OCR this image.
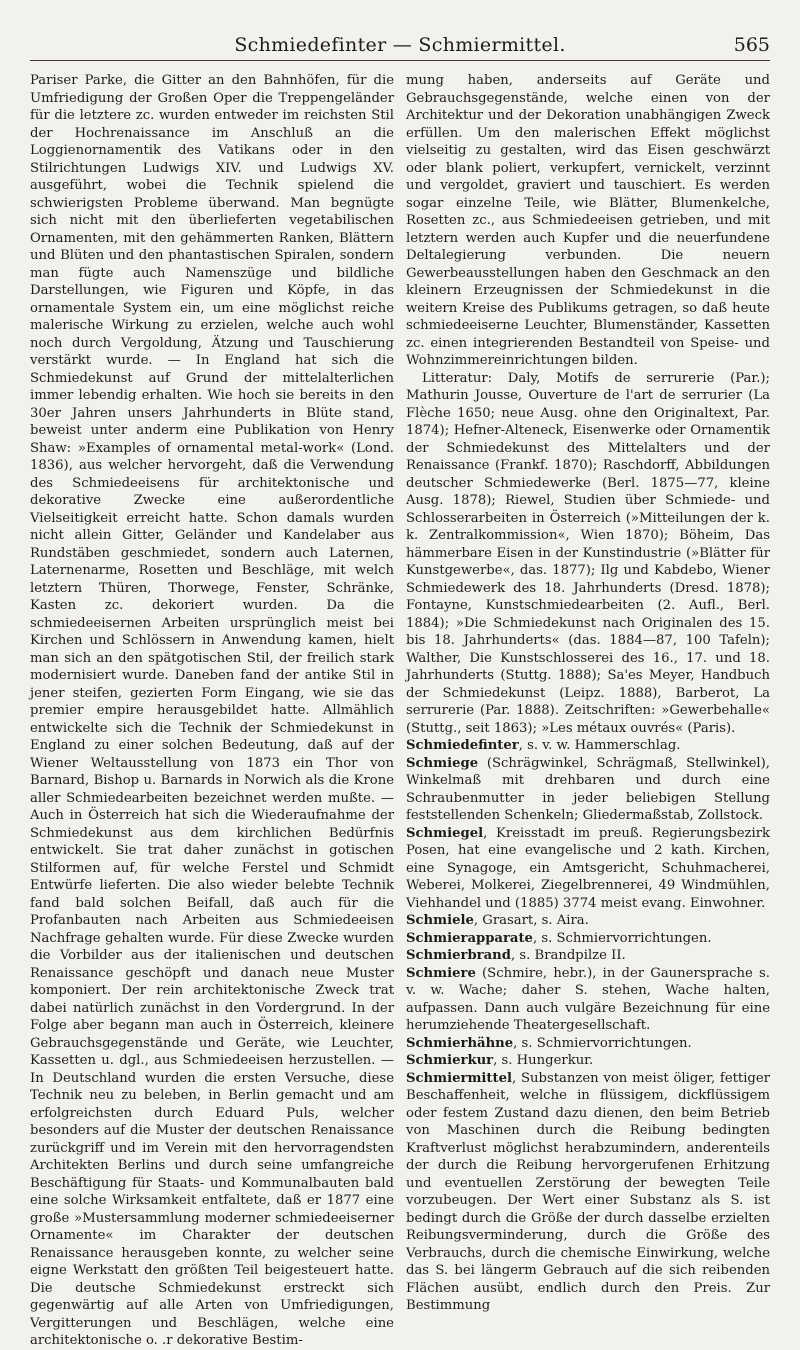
Schmiedefinter — Schmiermittel.	565

Pariser Parke, die Gitter an den Bahnhöfen, für die Umfriedigung der Großen Oper die Treppengeländer für die letztere zc. wurden entweder im reichsten Stil der Hochrenaissance im Anschluß an die Loggienornamentik des Vatikans oder in den Stilrichtungen Ludwigs XIV. und Ludwigs XV. ausgeführt, wobei die Technik spielend die schwierigsten Probleme überwand. Man begnügte sich nicht mit den überlieferten vegetabilischen Ornamenten, mit den gehämmerten Ranken, Blättern und Blüten und den phantastischen Spiralen, sondern man fügte auch Namenszüge und bildliche Darstellungen, wie Figuren und Köpfe, in das ornamentale System ein, um eine möglichst reiche malerische Wirkung zu erzielen, welche auch wohl noch durch Vergoldung, Ätzung und Tauschierung verstärkt wurde. — In England hat sich die Schmiedekunst auf Grund der mittelalterlichen immer lebendig erhalten. Wie hoch sie bereits in den 30er Jahren unsers Jahrhunderts in Blüte stand, beweist unter anderm eine Publikation von Henry Shaw: »Examples of ornamental metal-work« (Lond. 1836), aus welcher hervorgeht, daß die Verwendung des Schmiedeeisens für architektonische und dekorative Zwecke eine außerordentliche Vielseitigkeit erreicht hatte. Schon damals wurden nicht allein Gitter, Geländer und Kandelaber aus Rundstäben geschmiedet, sondern auch Laternen, Laternenarme, Rosetten und Beschläge, mit welch letztern Thüren, Thorwege, Fenster, Schränke, Kasten zc. dekoriert wurden. Da die schmiedeeisernen Arbeiten ursprünglich meist bei Kirchen und Schlössern in Anwendung kamen, hielt man sich an den spätgotischen Stil, der freilich stark modernisiert wurde. Daneben fand der antike Stil in jener steifen, gezierten Form Eingang, wie sie das premier empire herausgebildet hatte. Allmählich entwickelte sich die Technik der Schmiedekunst in England zu einer solchen Bedeutung, daß auf der Wiener Weltausstellung von 1873 ein Thor von Barnard, Bishop u. Barnards in Norwich als die Krone aller Schmiedearbeiten bezeichnet werden mußte. — Auch in Österreich hat sich die Wiederaufnahme der Schmiedekunst aus dem kirchlichen Bedürfnis entwickelt. Sie trat daher zunächst in gotischen Stilformen auf, für welche Ferstel und Schmidt Entwürfe lieferten. Die also wieder belebte Technik fand bald solchen Beifall, daß auch für die Profanbauten nach Arbeiten aus Schmiedeeisen Nachfrage gehalten wurde. Für diese Zwecke wurden die Vorbilder aus der italienischen und deutschen Renaissance geschöpft und danach neue Muster komponiert. Der rein architektonische Zweck trat dabei natürlich zunächst in den Vordergrund. In der Folge aber begann man auch in Österreich, kleinere Gebrauchsgegenstände und Geräte, wie Leuchter, Kassetten u. dgl., aus Schmiedeeisen herzustellen. — In Deutschland wurden die ersten Versuche, diese Technik neu zu beleben, in Berlin gemacht und am erfolgreichsten durch Eduard Puls, welcher besonders auf die Muster der deutschen Renaissance zurückgriff und im Verein mit den hervorragendsten Architekten Berlins und durch seine umfangreiche Beschäftigung für Staats- und Kommunalbauten bald eine solche Wirksamkeit entfaltete, daß er 1877 eine große »Mustersammlung moderner schmiedeeiserner Ornamente« im Charakter der deutschen Renaissance herausgeben konnte, zu welcher seine eigne Werkstatt den größten Teil beigesteuert hatte. Die deutsche Schmiedekunst erstreckt sich gegenwärtig auf alle Arten von Umfriedigungen, Vergitterungen und Beschlägen, welche eine architektonische o. .r dekorative Bestim-

mung haben, anderseits auf Geräte und Gebrauchsgegenstände, welche einen von der Architektur und der Dekoration unabhängigen Zweck erfüllen. Um den malerischen Effekt möglichst vielseitig zu gestalten, wird das Eisen geschwärzt oder blank poliert, verkupfert, vernickelt, verzinnt und vergoldet, graviert und tauschiert. Es werden sogar einzelne Teile, wie Blätter, Blumenkelche, Rosetten zc., aus Schmiedeeisen getrieben, und mit letztern werden auch Kupfer und die neuerfundene Deltalegierung verbunden. Die neuern Gewerbeausstellungen haben den Geschmack an den kleinern Erzeugnissen der Schmiedekunst in die weitern Kreise des Publikums getragen, so daß heute schmiedeeiserne Leuchter, Blumenständer, Kassetten zc. einen integrierenden Bestandteil von Speise- und Wohnzimmereinrichtungen bilden.

Litteratur: Daly, Motifs de serrurerie (Par.); Mathurin Jousse, Ouverture de l'art de serrurier (La Flèche 1650; neue Ausg. ohne den Originaltext, Par. 1874); Hefner-Alteneck, Eisenwerke oder Ornamentik der Schmiedekunst des Mittelalters und der Renaissance (Frankf. 1870); Raschdorff, Abbildungen deutscher Schmiedewerke (Berl. 1875—77, kleine Ausg. 1878); Riewel, Studien über Schmiede- und Schlosserarbeiten in Österreich (»Mitteilungen der k. k. Zentralkommission«, Wien 1870); Böheim, Das hämmerbare Eisen in der Kunstindustrie (»Blätter für Kunstgewerbe«, das. 1877); Ilg und Kabdebo, Wiener Schmiedewerk des 18. Jahrhunderts (Dresd. 1878); Fontayne, Kunstschmiedearbeiten (2. Aufl., Berl. 1884); »Die Schmiedekunst nach Originalen des 15. bis 18. Jahrhunderts« (das. 1884—87, 100 Tafeln); Walther, Die Kunstschlosserei des 16., 17. und 18. Jahrhunderts (Stuttg. 1888); Sa'es Meyer, Handbuch der Schmiedekunst (Leipz. 1888), Barberot, La serrurerie (Par. 1888). Zeitschriften: »Gewerbehalle« (Stuttg., seit 1863); »Les métaux ouvrés« (Paris).

Schmiedefinter, s. v. w. Hammerschlag.

Schmiege (Schrägwinkel, Schrägmaß, Stellwinkel), Winkelmaß mit drehbaren und durch eine Schraubenmutter in jeder beliebigen Stellung feststellenden Schenkeln; Gliedermaßstab, Zollstock.

Schmiegel, Kreisstadt im preuß. Regierungsbezirk Posen, hat eine evangelische und 2 kath. Kirchen, eine Synagoge, ein Amtsgericht, Schuhmacherei, Weberei, Molkerei, Ziegelbrennerei, 49 Windmühlen, Viehhandel und (1885) 3774 meist evang. Einwohner.

Schmiele, Grasart, s. Aira.

Schmierapparate, s. Schmiervorrichtungen.

Schmierbrand, s. Brandpilze II.

Schmiere (Schmire, hebr.), in der Gaunersprache s. v. w. Wache; daher S. stehen, Wache halten, aufpassen. Dann auch vulgäre Bezeichnung für eine herumziehende Theatergesellschaft.

Schmierhähne, s. Schmiervorrichtungen.

Schmierkur, s. Hungerkur.

Schmiermittel, Substanzen von meist öliger, fettiger Beschaffenheit, welche in flüssigem, dickflüssigem oder festem Zustand dazu dienen, den beim Betrieb von Maschinen durch die Reibung bedingten Kraftverlust möglichst herabzumindern, anderenteils der durch die Reibung hervorgerufenen Erhitzung und eventuellen Zerstörung der bewegten Teile vorzubeugen. Der Wert einer Substanz als S. ist bedingt durch die Größe der durch dasselbe erzielten Reibungsverminderung, durch die Größe des Verbrauchs, durch die chemische Einwirkung, welche das S. bei längerm Gebrauch auf die sich reibenden Flächen ausübt, endlich durch den Preis. Zur Bestimmung
